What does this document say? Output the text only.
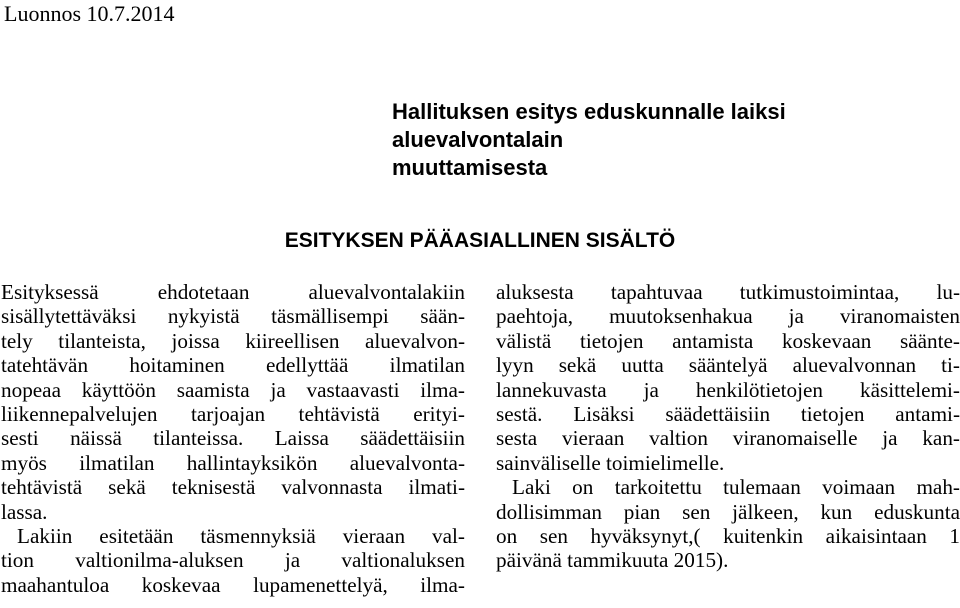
Luonnos 10.7.2014
Hallituksen esitys eduskunnalle laiksi aluevalvontalain
muuttamisesta
ESITYKSEN PÄÄASIALLINEN SISÄLTÖ
Esityksessä ehdotetaan aluevalvontalakiin
sisällytettäväksi nykyistä täsmällisempi sään-
tely tilanteista, joissa kiireellisen aluevalvon-
tatehtävän hoitaminen edellyttää ilmatilan
nopeaa käyttöön saamista ja vastaavasti ilma-
liikennepalvelujen tarjoajan tehtävistä erityi-
sesti näissä tilanteissa. Laissa säädettäisiin
myös ilmatilan hallintayksikön aluevalvonta-
tehtävistä sekä teknisestä valvonnasta ilmati-
lassa.
Lakiin esitetään täsmennyksiä vieraan val-
tion valtionilma-aluksen ja valtionaluksen
maahantuloa koskevaa lupamenettelyä, ilma-
aluksesta tapahtuvaa tutkimustoimintaa, lu-
paehtoja, muutoksenhakua ja viranomaisten
välistä tietojen antamista koskevaan säänte-
lyyn sekä uutta sääntelyä aluevalvonnan ti-
lannekuvasta ja henkilötietojen käsittelemi-
sestä. Lisäksi säädettäisiin tietojen antami-
sesta vieraan valtion viranomaiselle ja kan-
sainväliselle toimielimelle.
Laki on tarkoitettu tulemaan voimaan mah-
dollisimman pian sen jälkeen, kun eduskunta
on sen hyväksynyt,( kuitenkin aikaisintaan 1
päivänä tammikuuta 2015).
